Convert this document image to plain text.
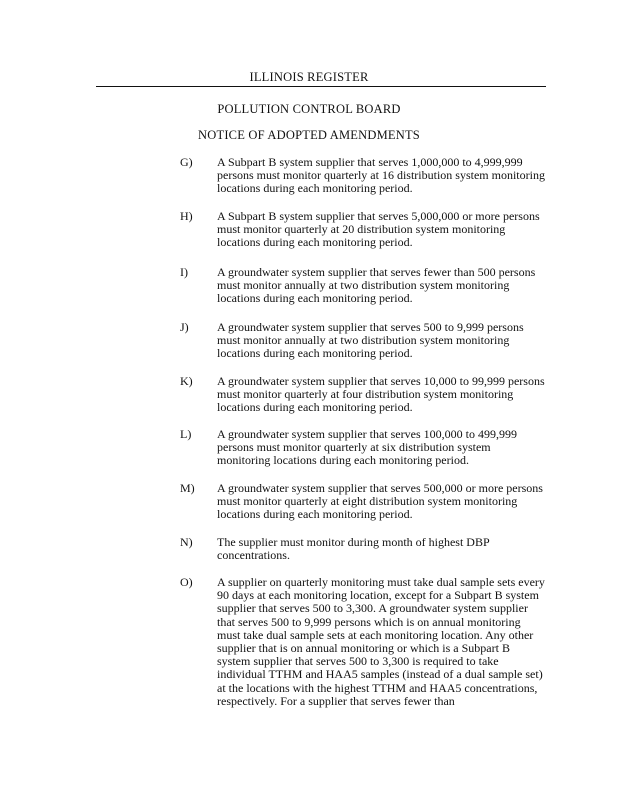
ILLINOIS REGISTER
POLLUTION CONTROL BOARD
NOTICE OF ADOPTED AMENDMENTS
G) A Subpart B system supplier that serves 1,000,000 to 4,999,999 persons must monitor quarterly at 16 distribution system monitoring locations during each monitoring period.
H) A Subpart B system supplier that serves 5,000,000 or more persons must monitor quarterly at 20 distribution system monitoring locations during each monitoring period.
I) A groundwater system supplier that serves fewer than 500 persons must monitor annually at two distribution system monitoring locations during each monitoring period.
J) A groundwater system supplier that serves 500 to 9,999 persons must monitor annually at two distribution system monitoring locations during each monitoring period.
K) A groundwater system supplier that serves 10,000 to 99,999 persons must monitor quarterly at four distribution system monitoring locations during each monitoring period.
L) A groundwater system supplier that serves 100,000 to 499,999 persons must monitor quarterly at six distribution system monitoring locations during each monitoring period.
M) A groundwater system supplier that serves 500,000 or more persons must monitor quarterly at eight distribution system monitoring locations during each monitoring period.
N) The supplier must monitor during month of highest DBP concentrations.
O) A supplier on quarterly monitoring must take dual sample sets every 90 days at each monitoring location, except for a Subpart B system supplier that serves 500 to 3,300. A groundwater system supplier that serves 500 to 9,999 persons which is on annual monitoring must take dual sample sets at each monitoring location. Any other supplier that is on annual monitoring or which is a Subpart B system supplier that serves 500 to 3,300 is required to take individual TTHM and HAA5 samples (instead of a dual sample set) at the locations with the highest TTHM and HAA5 concentrations, respectively. For a supplier that serves fewer than
